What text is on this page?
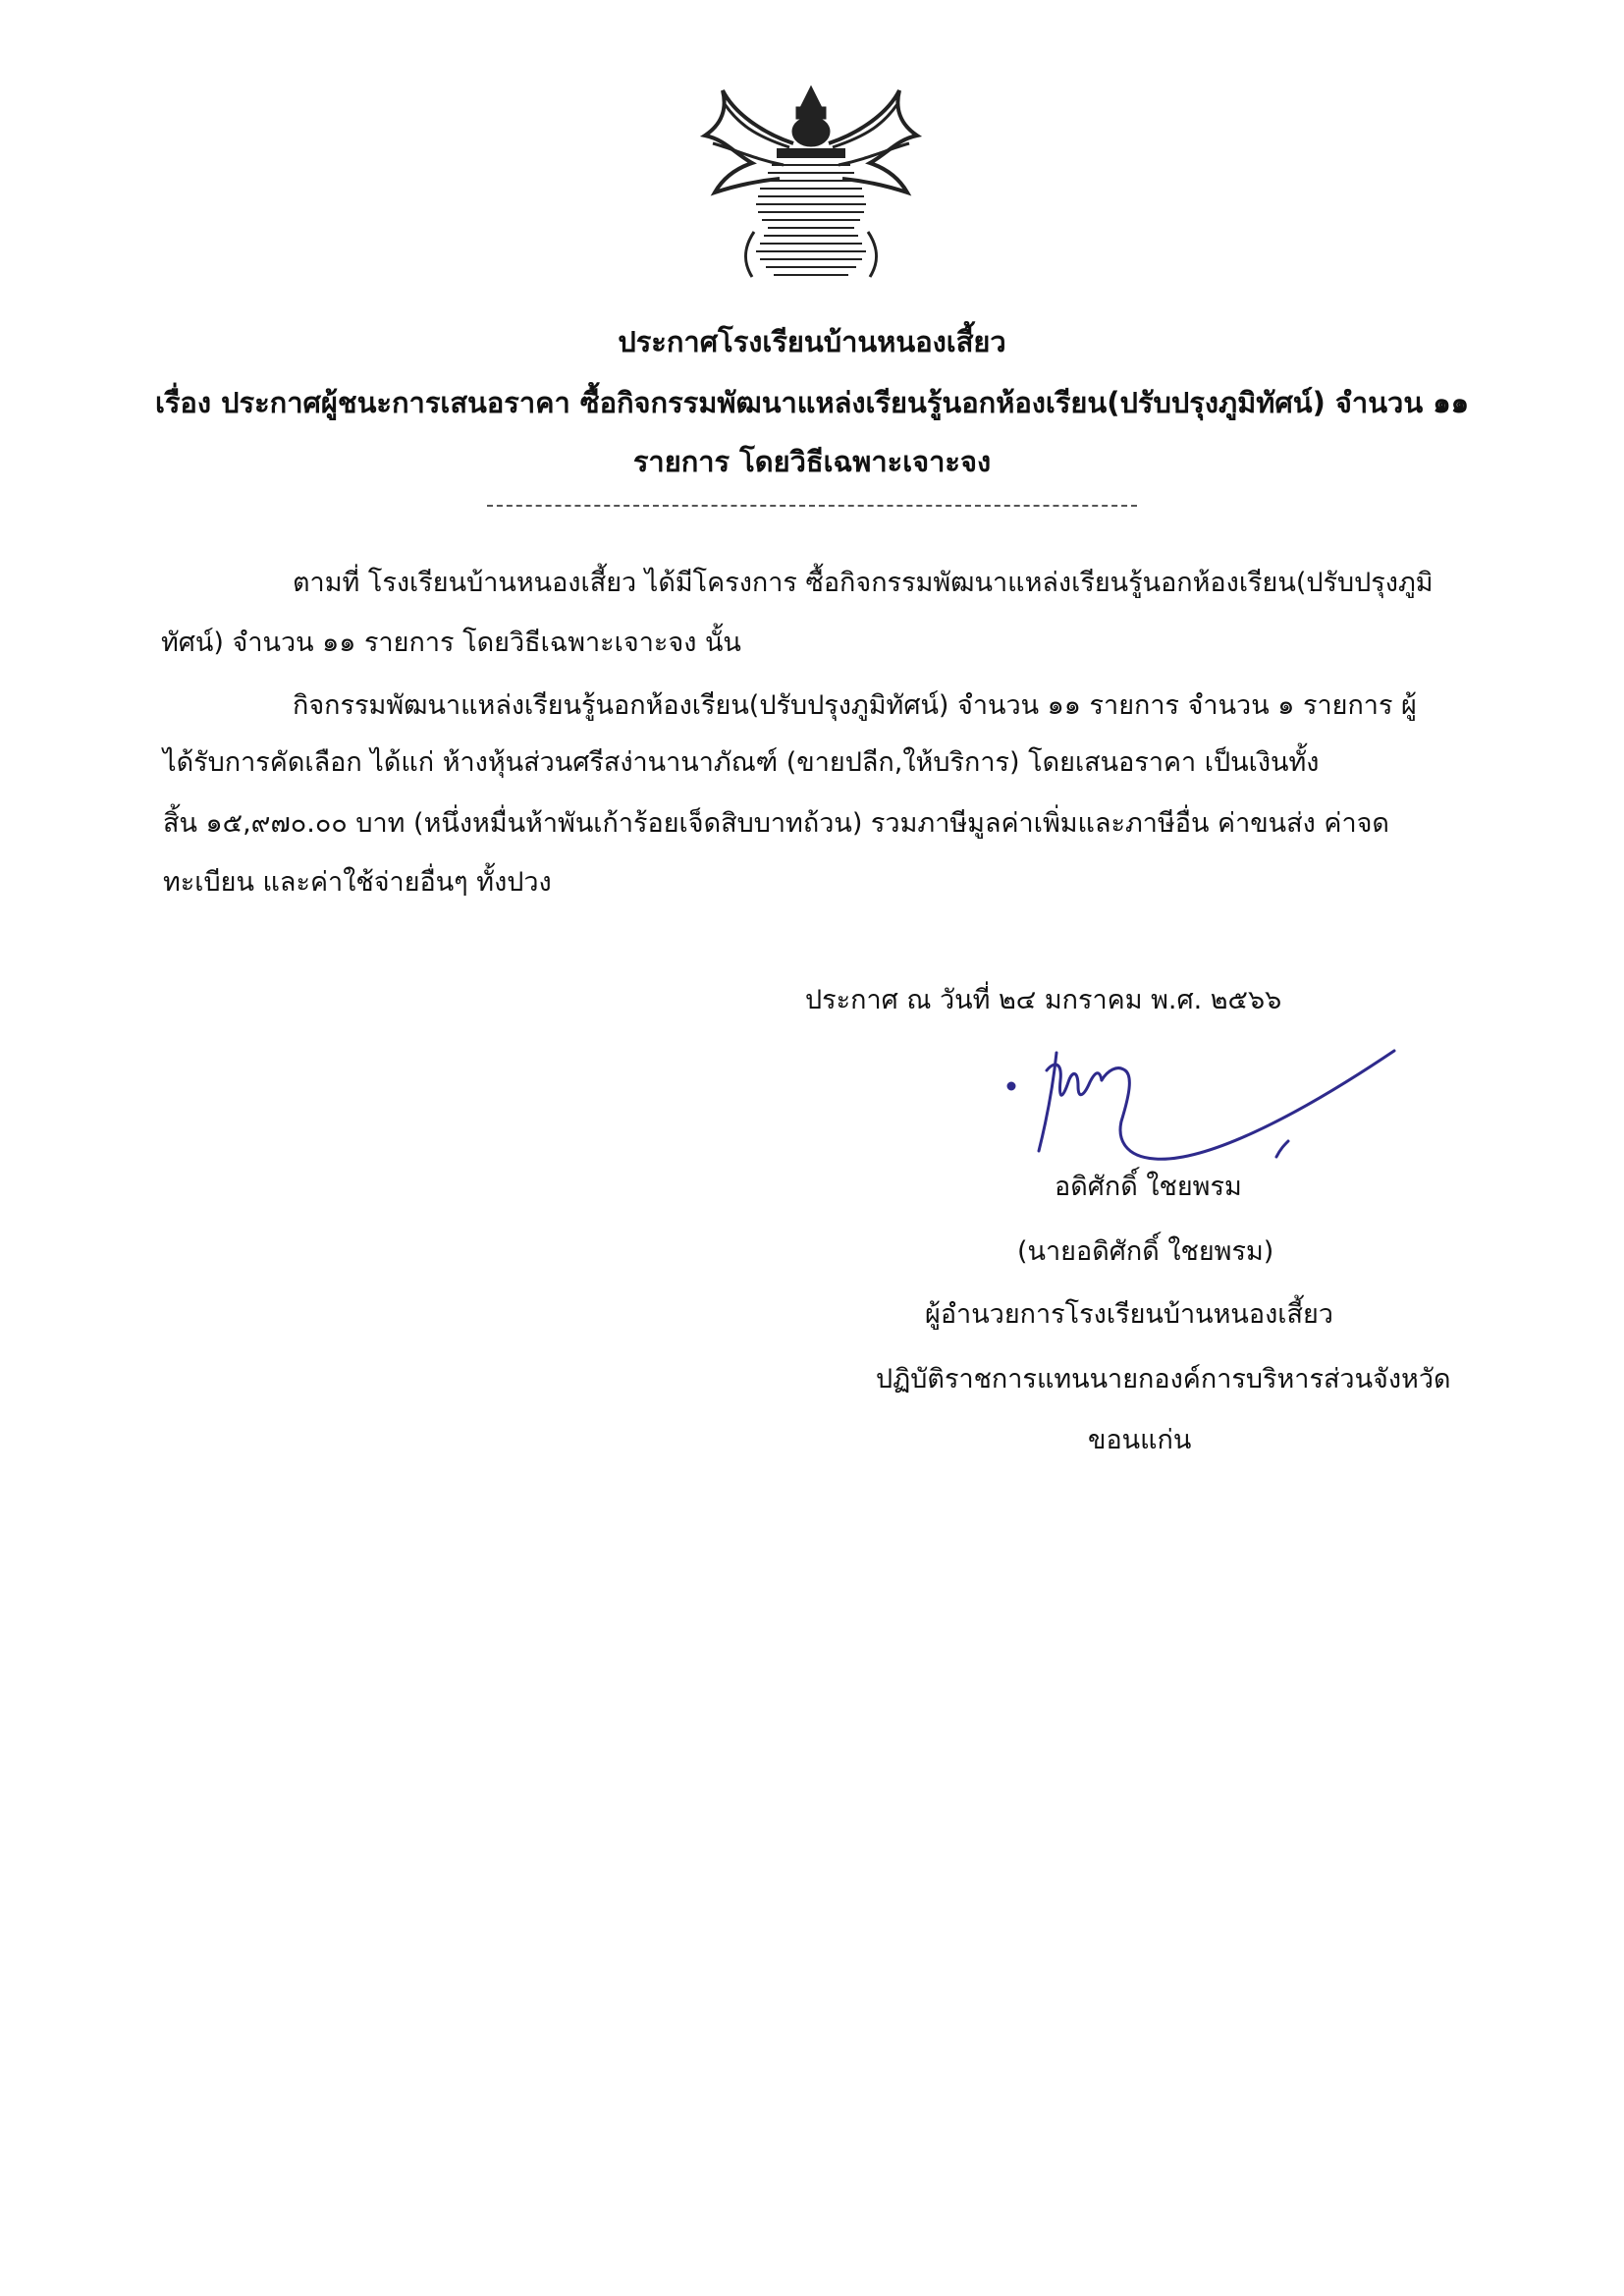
ประกาศโรงเรียนบ้านหนองเสี้ยว

เรื่อง ประกาศผู้ชนะการเสนอราคา ซื้อกิจกรรมพัฒนาแหล่งเรียนรู้นอกห้องเรียน(ปรับปรุงภูมิทัศน์) จำนวน ๑๑

รายการ โดยวิธีเฉพาะเจาะจง

ตามที่ โรงเรียนบ้านหนองเสี้ยว ได้มีโครงการ ซื้อกิจกรรมพัฒนาแหล่งเรียนรู้นอกห้องเรียน(ปรับปรุงภูมิ

ทัศน์) จำนวน ๑๑ รายการ โดยวิธีเฉพาะเจาะจง นั้น

กิจกรรมพัฒนาแหล่งเรียนรู้นอกห้องเรียน(ปรับปรุงภูมิทัศน์) จำนวน ๑๑ รายการ จำนวน ๑ รายการ ผู้

ได้รับการคัดเลือก ได้แก่ ห้างหุ้นส่วนศรีสง่านานาภัณฑ์ (ขายปลีก,ให้บริการ) โดยเสนอราคา เป็นเงินทั้ง

สิ้น ๑๕,๙๗๐.๐๐ บาท (หนึ่งหมื่นห้าพันเก้าร้อยเจ็ดสิบบาทถ้วน) รวมภาษีมูลค่าเพิ่มและภาษีอื่น ค่าขนส่ง ค่าจด

ทะเบียน และค่าใช้จ่ายอื่นๆ ทั้งปวง

ประกาศ ณ วันที่ ๒๔ มกราคม พ.ศ. ๒๕๖๖

อดิศักดิ์ ใชยพรม

(นายอดิศักดิ์ ใชยพรม)

ผู้อำนวยการโรงเรียนบ้านหนองเสี้ยว

ปฏิบัติราชการแทนนายกองค์การบริหารส่วนจังหวัด

ขอนแก่น
